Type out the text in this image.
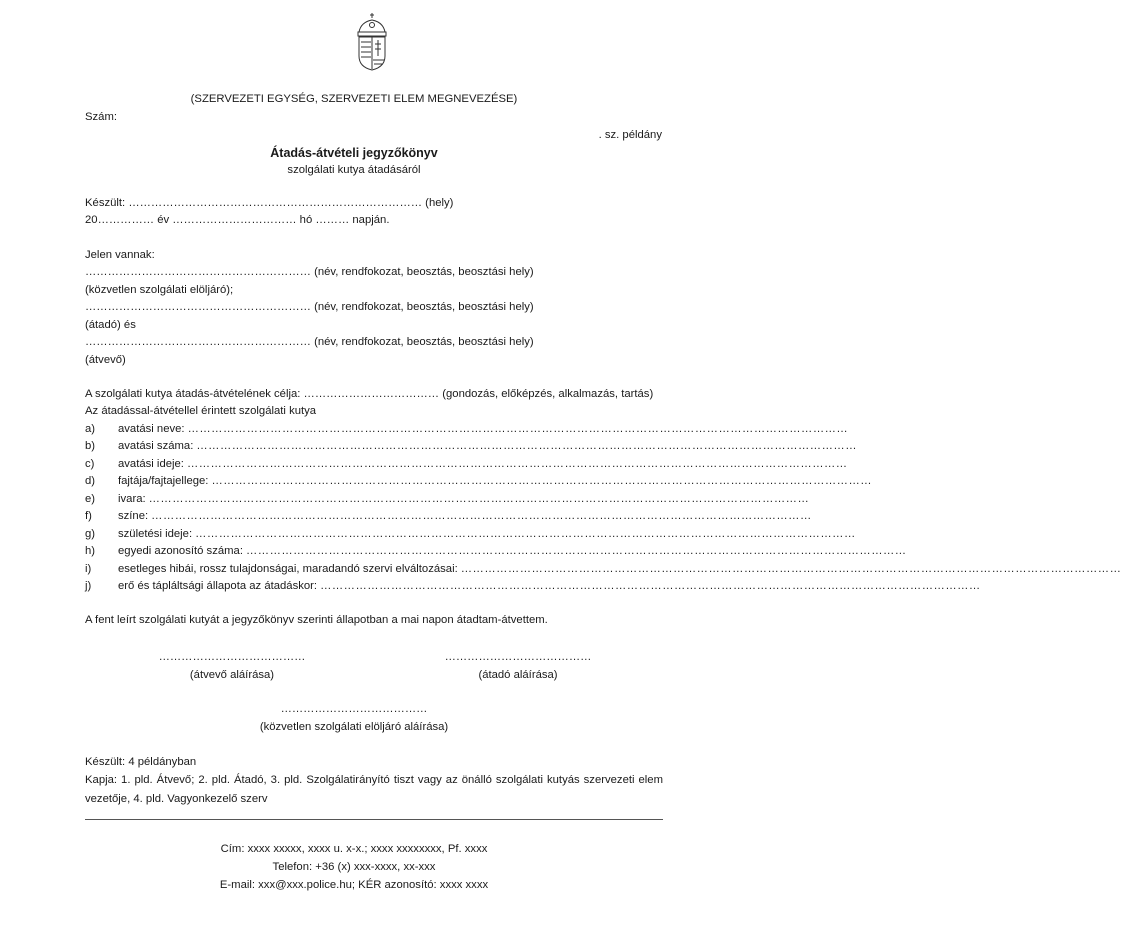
(SZERVEZETI EGYSÉG, SZERVEZETI ELEM MEGNEVEZÉSE)
Szám:
. sz. példány
Átadás-átvételi jegyzőkönyv
szolgálati kutya átadásáról
Készült: …………………………………………………………………… (hely)
20…………… év …………………………… hó ……… napján.
Jelen vannak:
…………………………………………………… (név, rendfokozat, beosztás, beosztási hely)
(közvetlen szolgálati elöljáró);
…………………………………………………… (név, rendfokozat, beosztás, beosztási hely)
(átadó) és
…………………………………………………… (név, rendfokozat, beosztás, beosztási hely)
(átvevő)
A szolgálati kutya átadás-átvételének célja: ……………………………… (gondozás, előképzés, alkalmazás, tartás)
Az átadással-átvétellel érintett szolgálati kutya
a)	avatási neve: ……………………………………………………………………………………………………………………………………………………
b)	avatási száma: ……………………………………………………………………………………………………………………………………………………
c)	avatási ideje: ……………………………………………………………………………………………………………………………………………………
d)	fajtája/fajtajellege: ……………………………………………………………………………………………………………………………………………………
e)	ivara: ……………………………………………………………………………………………………………………………………………………
f)	színe: ……………………………………………………………………………………………………………………………………………………
g)	születési ideje: ……………………………………………………………………………………………………………………………………………………
h)	egyedi azonosító száma: ……………………………………………………………………………………………………………………………………………………
i)	esetleges hibái, rossz tulajdonságai, maradandó szervi elváltozásai: ……………………………………………………………………………………………………………………………………………………
j)	erő és tápláltsági állapota az átadáskor: ……………………………………………………………………………………………………………………………………………………
A fent leírt szolgálati kutyát a jegyzőkönyv szerinti állapotban a mai napon átadtam-átvettem.
…………………………………
(átvevő aláírása)
…………………………………
(átadó aláírása)
…………………………………
(közvetlen szolgálati elöljáró aláírása)
Készült: 4 példányban
Kapja: 1. pld. Átvevő; 2. pld. Átadó, 3. pld. Szolgálatirányító tiszt vagy az önálló szolgálati kutyás szervezeti elem vezetője, 4. pld. Vagyonkezelő szerv
Cím: xxxx xxxxx, xxxx u. x-x.; xxxx xxxxxxxx, Pf. xxxx
Telefon: +36 (x) xxx-xxxx, xx-xxx
E-mail: xxx@xxx.police.hu; KÉR azonosító: xxxx xxxx
